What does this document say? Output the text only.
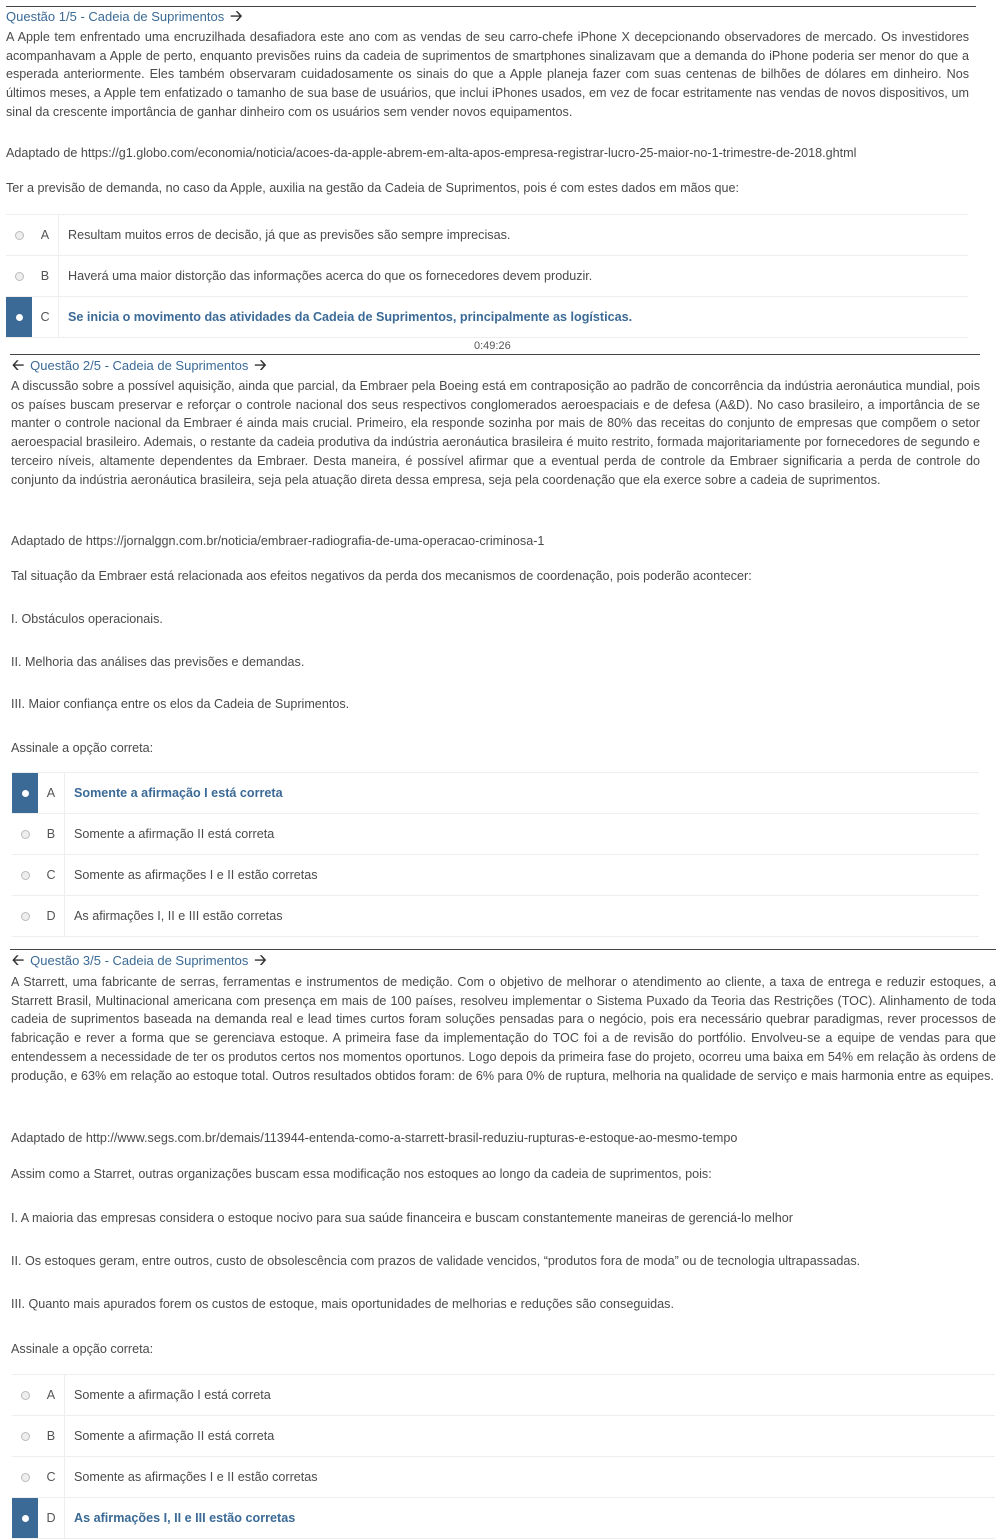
Questão 1/5 - Cadeia de Suprimentos 🡢
A Apple tem enfrentado uma encruzilhada desafiadora este ano com as vendas de seu carro-chefe iPhone X decepcionando observadores de mercado. Os investidores acompanhavam a Apple de perto, enquanto previsões ruins da cadeia de suprimentos de smartphones sinalizavam que a demanda do iPhone poderia ser menor do que a esperada anteriormente. Eles também observaram cuidadosamente os sinais do que a Apple planeja fazer com suas centenas de bilhões de dólares em dinheiro. Nos últimos meses, a Apple tem enfatizado o tamanho de sua base de usuários, que inclui iPhones usados, em vez de focar estritamente nas vendas de novos dispositivos, um sinal da crescente importância de ganhar dinheiro com os usuários sem vender novos equipamentos.
Adaptado de https://g1.globo.com/economia/noticia/acoes-da-apple-abrem-em-alta-apos-empresa-registrar-lucro-25-maior-no-1-trimestre-de-2018.ghtml
Ter a previsão de demanda, no caso da Apple, auxilia na gestão da Cadeia de Suprimentos, pois é com estes dados em mãos que:
A	Resultam muitos erros de decisão, já que as previsões são sempre imprecisas.
B	Haverá uma maior distorção das informações acerca do que os fornecedores devem produzir.
C	Se inicia o movimento das atividades da Cadeia de Suprimentos, principalmente as logísticas.
0:49:26
🡠 Questão 2/5 - Cadeia de Suprimentos 🡢
A discussão sobre a possível aquisição, ainda que parcial, da Embraer pela Boeing está em contraposição ao padrão de concorrência da indústria aeronáutica mundial, pois os países buscam preservar e reforçar o controle nacional dos seus respectivos conglomerados aeroespaciais e de defesa (A&D). No caso brasileiro, a importância de se manter o controle nacional da Embraer é ainda mais crucial. Primeiro, ela responde sozinha por mais de 80% das receitas do conjunto de empresas que compõem o setor aeroespacial brasileiro. Ademais, o restante da cadeia produtiva da indústria aeronáutica brasileira é muito restrito, formada majoritariamente por fornecedores de segundo e terceiro níveis, altamente dependentes da Embraer. Desta maneira, é possível afirmar que a eventual perda de controle da Embraer significaria a perda de controle do conjunto da indústria aeronáutica brasileira, seja pela atuação direta dessa empresa, seja pela coordenação que ela exerce sobre a cadeia de suprimentos.
Adaptado de https://jornalggn.com.br/noticia/embraer-radiografia-de-uma-operacao-criminosa-1
Tal situação da Embraer está relacionada aos efeitos negativos da perda dos mecanismos de coordenação, pois poderão acontecer:
I. Obstáculos operacionais.
II. Melhoria das análises das previsões e demandas.
III. Maior confiança entre os elos da Cadeia de Suprimentos.
Assinale a opção correta:
A	Somente a afirmação I está correta
B	Somente a afirmação II está correta
C	Somente as afirmações I e II estão corretas
D	As afirmações I, II e III estão corretas
🡠 Questão 3/5 - Cadeia de Suprimentos 🡢
A Starrett, uma fabricante de serras, ferramentas e instrumentos de medição. Com o objetivo de melhorar o atendimento ao cliente, a taxa de entrega e reduzir estoques, a Starrett Brasil, Multinacional americana com presença em mais de 100 países, resolveu implementar o Sistema Puxado da Teoria das Restrições (TOC). Alinhamento de toda cadeia de suprimentos baseada na demanda real e lead times curtos foram soluções pensadas para o negócio, pois era necessário quebrar paradigmas, rever processos de fabricação e rever a forma que se gerenciava estoque. A primeira fase da implementação do TOC foi a de revisão do portfólio. Envolveu-se a equipe de vendas para que entendessem a necessidade de ter os produtos certos nos momentos oportunos. Logo depois da primeira fase do projeto, ocorreu uma baixa em 54% em relação às ordens de produção, e 63% em relação ao estoque total. Outros resultados obtidos foram: de 6% para 0% de ruptura, melhoria na qualidade de serviço e mais harmonia entre as equipes.
Adaptado de http://www.segs.com.br/demais/113944-entenda-como-a-starrett-brasil-reduziu-rupturas-e-estoque-ao-mesmo-tempo
Assim como a Starret, outras organizações buscam essa modificação nos estoques ao longo da cadeia de suprimentos, pois:
I. A maioria das empresas considera o estoque nocivo para sua saúde financeira e buscam constantemente maneiras de gerenciá-lo melhor
II. Os estoques geram, entre outros, custo de obsolescência com prazos de validade vencidos, “produtos fora de moda” ou de tecnologia ultrapassadas.
III. Quanto mais apurados forem os custos de estoque, mais oportunidades de melhorias e reduções são conseguidas.
Assinale a opção correta:
A	Somente a afirmação I está correta
B	Somente a afirmação II está correta
C	Somente as afirmações I e II estão corretas
D	As afirmações I, II e III estão corretas
